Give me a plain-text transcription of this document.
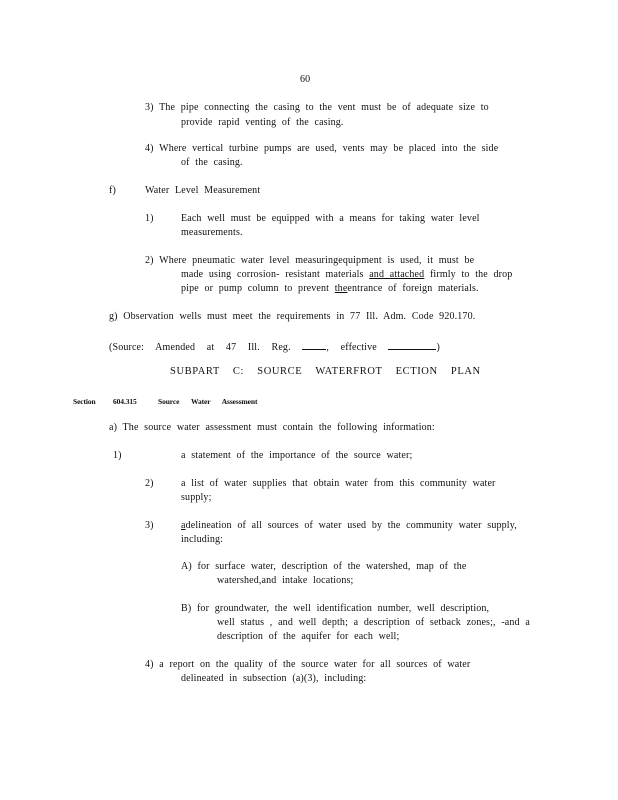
60
3) The pipe connecting the casing to the vent must be of adequate size to
provide rapid venting of the casing.
4) Where vertical turbine pumps are used, vents may be placed into the side
of the casing.
f)	Water Level Measurement
1)	Each well must be equipped with a means for taking water level
measurements.
2) Where pneumatic water level measuringequipment is used, it must be
made using corrosion- resistant materials and attached firmly to the drop
pipe or pump column to prevent theentrance of foreign materials.
g) Observation wells must meet the requirements in 77 Ill. Adm. Code 920.170.
(Source: Amended at 47 Ill. Reg.	, effective	)
SUBPART C: SOURCE WATERFROT ECTION PLAN
Section 604.315	Source Water Assessment
a) The source water assessment must contain the following information:
1)	a statement of the importance of the source water;
2)	a list of water supplies that obtain water from this community water
supply;
3)	adelineation of all sources of water used by the community water supply,
including:
A) for surface water, description of the watershed, map of the
watershed,and intake locations;
B) for groundwater, the well identification number, well description,
well status , and well depth; a description of setback zones;, -and a
description of the aquifer for each well;
4) a report on the quality of the source water for all sources of water
delineated in subsection (a)(3), including:
